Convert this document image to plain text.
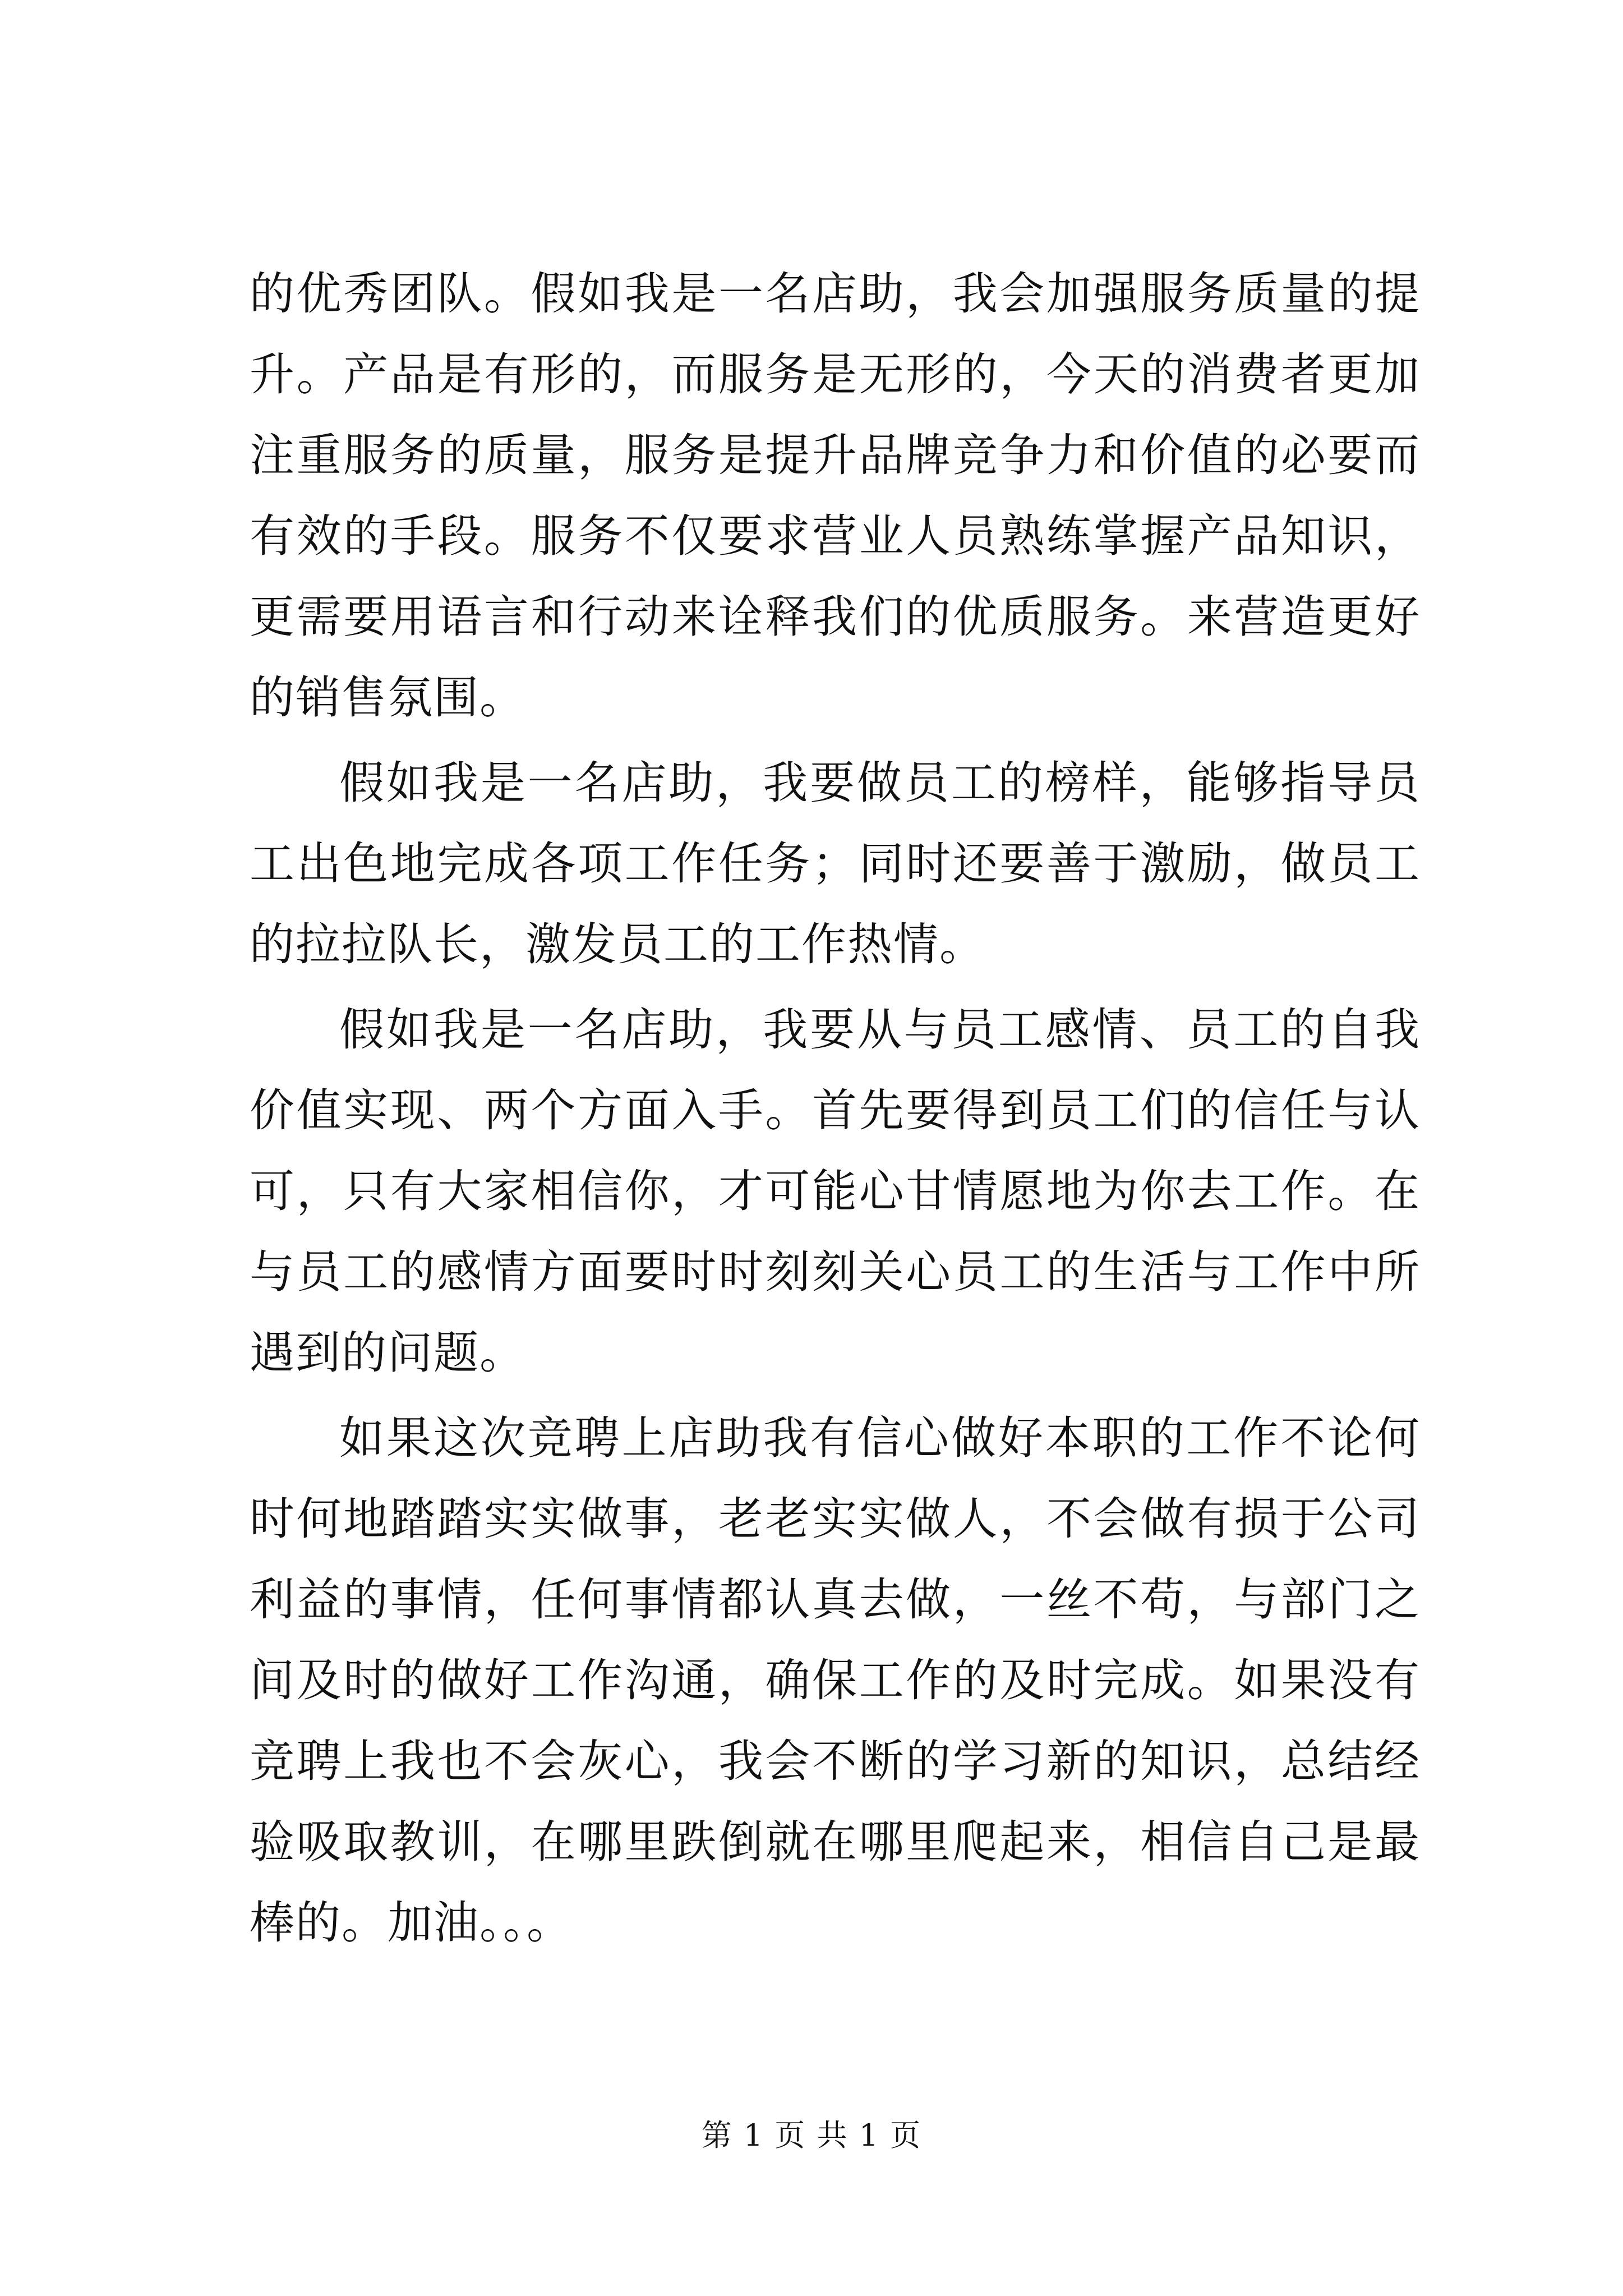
的优秀团队。假如我是一名店助，我会加强服务质量的提升。产品是有形的，而服务是无形的，今天的消费者更加注重服务的质量，服务是提升品牌竞争力和价值的必要而有效的手段。服务不仅要求营业人员熟练掌握产品知识，更需要用语言和行动来诠释我们的优质服务。来营造更好的销售氛围。

假如我是一名店助，我要做员工的榜样，能够指导员工出色地完成各项工作任务；同时还要善于激励，做员工的拉拉队长，激发员工的工作热情。

假如我是一名店助，我要从与员工感情、员工的自我价值实现、两个方面入手。首先要得到员工们的信任与认可，只有大家相信你，才可能心甘情愿地为你去工作。在与员工的感情方面要时时刻刻关心员工的生活与工作中所遇到的问题。

如果这次竞聘上店助我有信心做好本职的工作不论何时何地踏踏实实做事，老老实实做人，不会做有损于公司利益的事情，任何事情都认真去做，一丝不苟，与部门之间及时的做好工作沟通，确保工作的及时完成。如果没有竞聘上我也不会灰心，我会不断的学习新的知识，总结经验吸取教训，在哪里跌倒就在哪里爬起来，相信自己是最棒的。加油。。。

第 1 页 共 1 页
